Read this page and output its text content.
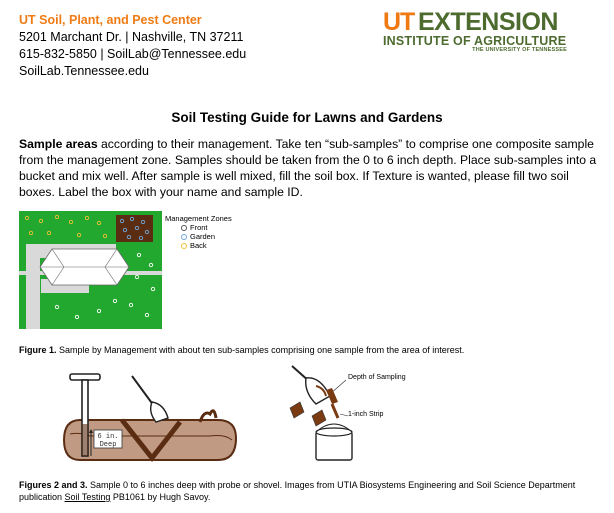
UT Soil, Plant, and Pest Center
5201 Marchant Dr. | Nashville, TN 37211
615-832-5850 | SoilLab@Tennessee.edu
SoilLab.Tennessee.edu
UT EXTENSION
INSTITUTE OF AGRICULTURE
THE UNIVERSITY OF TENNESSEE
Soil Testing Guide for Lawns and Gardens
Sample areas according to their management. Take ten “sub-samples” to comprise one composite sample from the management zone. Samples should be taken from the 0 to 6 inch depth. Place sub-samples into a bucket and mix well. After sample is well mixed, fill the soil box. If Texture is wanted, please fill two soil boxes. Label the box with your name and sample ID.
Management Zones
Front
Garden
Back
Figure 1. Sample by Management with about ten sub-samples comprising one sample from the area of interest.
6 in.
Deep
Depth of Sampling
1-inch Strip
Figures 2 and 3. Sample 0 to 6 inches deep with probe or shovel. Images from UTIA Biosystems Engineering and Soil Science Department publication Soil Testing PB1061 by Hugh Savoy.
